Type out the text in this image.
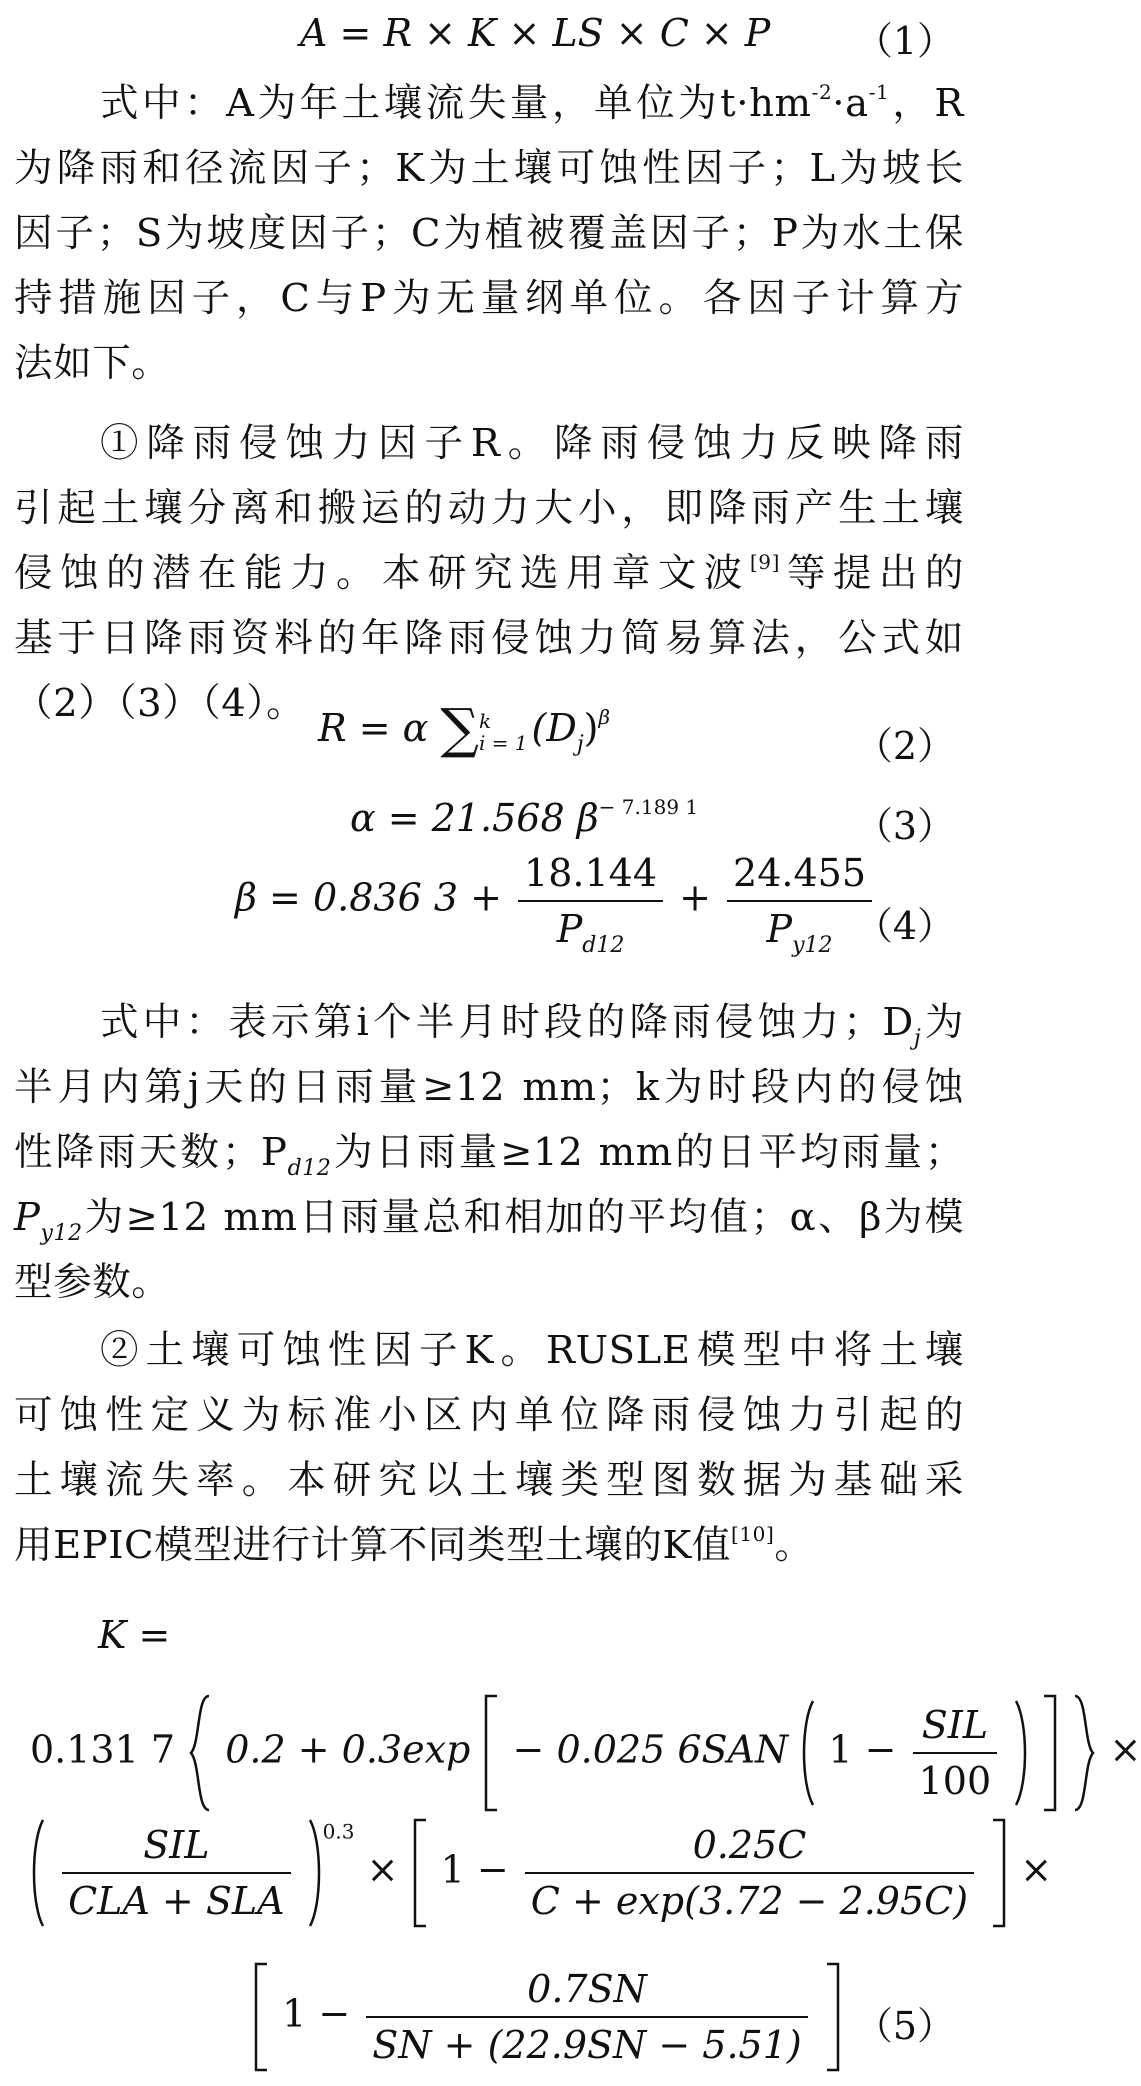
A = R × K × LS × C × P （1）
式中：A为年土壤流失量，单位为$t\cdot hm^{-2}\cdot a^{-1}$，R
为降雨和径流因子；K为土壤可蚀性因子；L为坡长
因子；S为坡度因子；C为植被覆盖因子；P为水土保
持措施因子，C与P为无量纲单位。各因子计算方
法如下。
①降雨侵蚀力因子R。降雨侵蚀力反映降雨
引起土壤分离和搬运的动力大小，即降雨产生土壤
侵蚀的潜在能力。本研究选用章文波[9]等提出的
基于日降雨资料的年降雨侵蚀力简易算法，公式如
（2）（3）（4）。
R = α ∑ k
i = 1 $(D_j)^\beta$
（2）
α = 21.568 $\beta^{- 7.189 1}$	（3）
β = 0.836 $3 + \frac{18.144}{P_{d12}} + \frac{24.455}{P_{y12}}$
（4）
式中：表示第i个半月时段的降雨侵蚀力；$D_j$为
半月内第j天的日雨量≥12 mm；k为时段内的侵蚀
性降雨天数；$P_{d12}$为日雨量≥12 mm的日平均雨量；
$P_{y12}$为≥12 mm日雨量总和相加的平均值；α、β为模
型参数。
②土壤可蚀性因子K。RUSLE模型中将土壤
可蚀性定义为标准小区内单位降雨侵蚀力引起的
土壤流失率。本研究以土壤类型图数据为基础采
用EPIC模型进行计算不同类型土壤的K值[10]。
K =
0.131 7 0.2 + 0.3exp − 0.025 6SAN $1 - \frac{\text{SIL}}{100}$	×

$\frac{\text{SIL}}{\text{CLA + SLA}} ^{0.3} \times 1 - \frac{0.25C}{C + \exp(3.72 - 2.95C)}$ ×
$1 - \frac{0.7SN}{SN + (22.9SN - 5.51)}$
（5）
